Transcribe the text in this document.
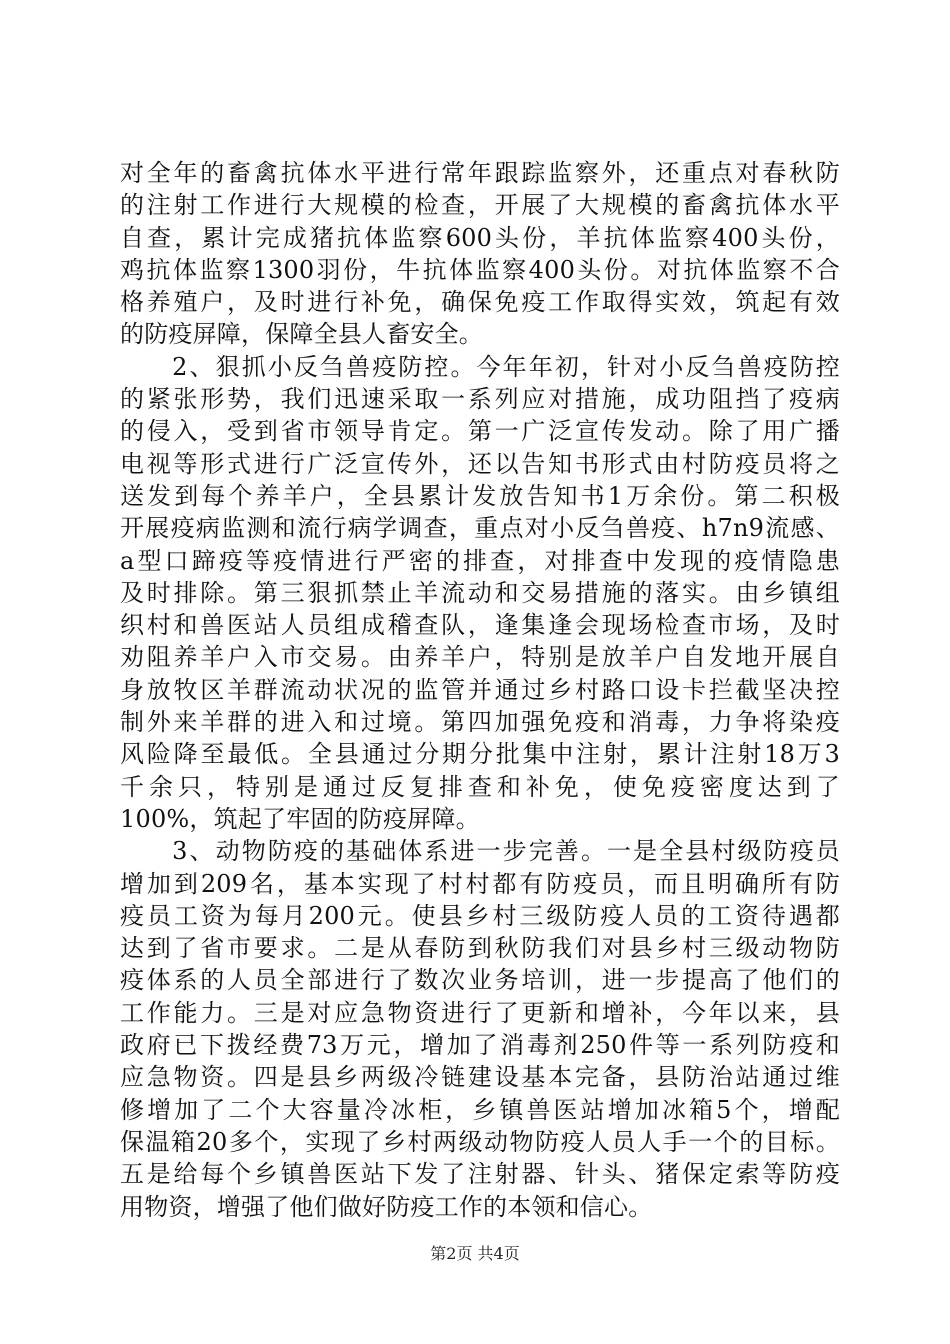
对全年的畜禽抗体水平进行常年跟踪监察外，还重点对春秋防
的注射工作进行大规模的检查，开展了大规模的畜禽抗体水平
自查，累计完成猪抗体监察600头份，羊抗体监察400头份，
鸡抗体监察1300羽份，牛抗体监察400头份。对抗体监察不合
格养殖户，及时进行补免，确保免疫工作取得实效，筑起有效
的防疫屏障，保障全县人畜安全。
　　2、狠抓小反刍兽疫防控。今年年初，针对小反刍兽疫防控
的紧张形势，我们迅速采取一系列应对措施，成功阻挡了疫病
的侵入，受到省市领导肯定。第一广泛宣传发动。除了用广播
电视等形式进行广泛宣传外，还以告知书形式由村防疫员将之
送发到每个养羊户，全县累计发放告知书1万余份。第二积极
开展疫病监测和流行病学调查，重点对小反刍兽疫、h7n9流感、
a型口蹄疫等疫情进行严密的排查，对排查中发现的疫情隐患
及时排除。第三狠抓禁止羊流动和交易措施的落实。由乡镇组
织村和兽医站人员组成稽查队，逢集逢会现场检查市场，及时
劝阻养羊户入市交易。由养羊户，特别是放羊户自发地开展自
身放牧区羊群流动状况的监管并通过乡村路口设卡拦截坚决控
制外来羊群的进入和过境。第四加强免疫和消毒，力争将染疫
风险降至最低。全县通过分期分批集中注射，累计注射18万3
千余只，特别是通过反复排查和补免，使免疫密度达到了
100%，筑起了牢固的防疫屏障。
　　3、动物防疫的基础体系进一步完善。一是全县村级防疫员
增加到209名，基本实现了村村都有防疫员，而且明确所有防
疫员工资为每月200元。使县乡村三级防疫人员的工资待遇都
达到了省市要求。二是从春防到秋防我们对县乡村三级动物防
疫体系的人员全部进行了数次业务培训，进一步提高了他们的
工作能力。三是对应急物资进行了更新和增补，今年以来，县
政府已下拨经费73万元，增加了消毒剂250件等一系列防疫和
应急物资。四是县乡两级冷链建设基本完备，县防治站通过维
修增加了二个大容量冷冰柜，乡镇兽医站增加冰箱5个，增配
保温箱20多个，实现了乡村两级动物防疫人员人手一个的目标。
五是给每个乡镇兽医站下发了注射器、针头、猪保定索等防疫
用物资，增强了他们做好防疫工作的本领和信心。
第2页 共4页
